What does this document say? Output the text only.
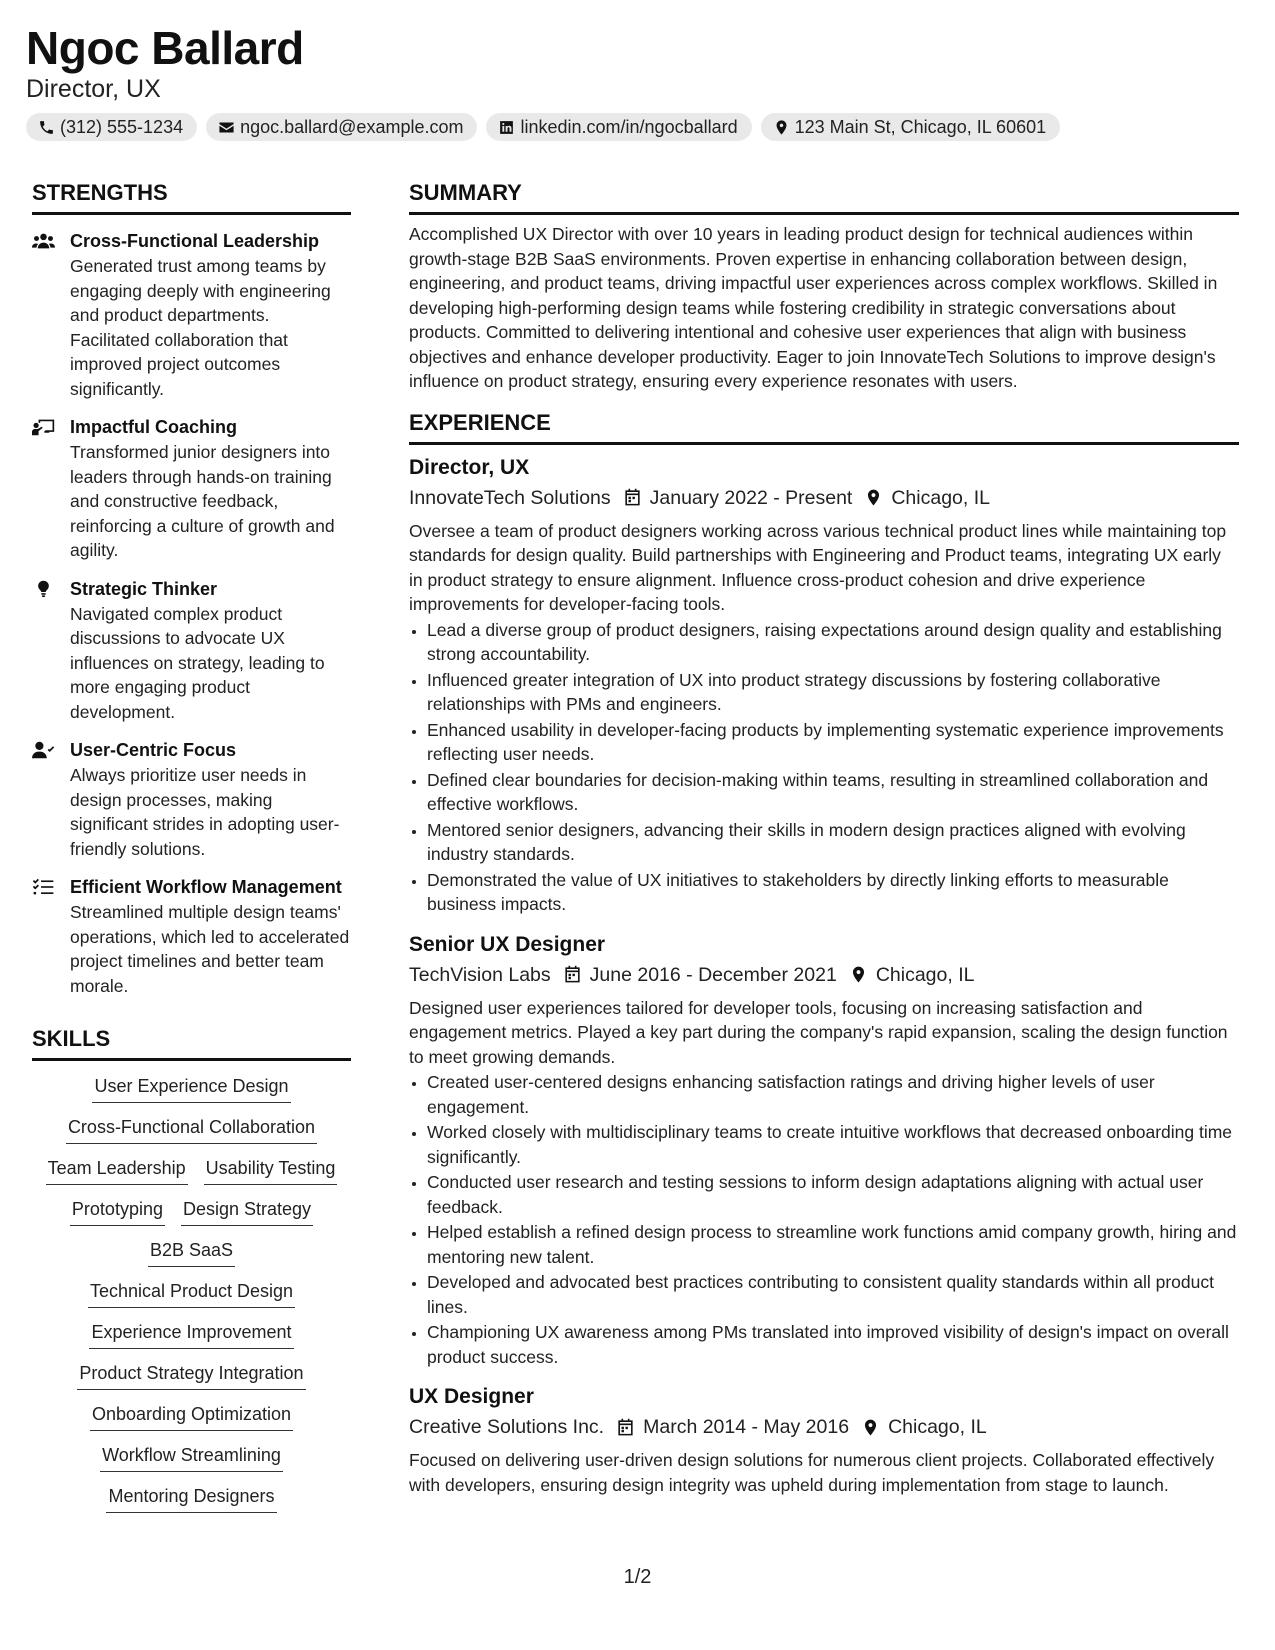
Ngoc Ballard
Director, UX
(312) 555-1234	ngoc.ballard@example.com	linkedin.com/in/ngocballard	123 Main St, Chicago, IL 60601
STRENGTHS
Cross-Functional Leadership
Generated trust among teams by engaging deeply with engineering and product departments. Facilitated collaboration that improved project outcomes significantly.
Impactful Coaching
Transformed junior designers into leaders through hands-on training and constructive feedback, reinforcing a culture of growth and agility.
Strategic Thinker
Navigated complex product discussions to advocate UX influences on strategy, leading to more engaging product development.
User-Centric Focus
Always prioritize user needs in design processes, making significant strides in adopting user-friendly solutions.
Efficient Workflow Management
Streamlined multiple design teams' operations, which led to accelerated project timelines and better team morale.
SKILLS
User Experience Design
Cross-Functional Collaboration
Team Leadership Usability Testing
Prototyping Design Strategy
B2B SaaS
Technical Product Design
Experience Improvement
Product Strategy Integration
Onboarding Optimization
Workflow Streamlining
Mentoring Designers
SUMMARY
Accomplished UX Director with over 10 years in leading product design for technical audiences within growth-stage B2B SaaS environments. Proven expertise in enhancing collaboration between design, engineering, and product teams, driving impactful user experiences across complex workflows. Skilled in developing high-performing design teams while fostering credibility in strategic conversations about products. Committed to delivering intentional and cohesive user experiences that align with business objectives and enhance developer productivity. Eager to join InnovateTech Solutions to improve design's influence on product strategy, ensuring every experience resonates with users.
EXPERIENCE
Director, UX
InnovateTech Solutions January 2022 - Present Chicago, IL
Oversee a team of product designers working across various technical product lines while maintaining top standards for design quality. Build partnerships with Engineering and Product teams, integrating UX early in product strategy to ensure alignment. Influence cross-product cohesion and drive experience improvements for developer-facing tools.
• Lead a diverse group of product designers, raising expectations around design quality and establishing strong accountability.
• Influenced greater integration of UX into product strategy discussions by fostering collaborative relationships with PMs and engineers.
• Enhanced usability in developer-facing products by implementing systematic experience improvements reflecting user needs.
• Defined clear boundaries for decision-making within teams, resulting in streamlined collaboration and effective workflows.
• Mentored senior designers, advancing their skills in modern design practices aligned with evolving industry standards.
• Demonstrated the value of UX initiatives to stakeholders by directly linking efforts to measurable business impacts.
Senior UX Designer
TechVision Labs June 2016 - December 2021 Chicago, IL
Designed user experiences tailored for developer tools, focusing on increasing satisfaction and engagement metrics. Played a key part during the company's rapid expansion, scaling the design function to meet growing demands.
• Created user-centered designs enhancing satisfaction ratings and driving higher levels of user engagement.
• Worked closely with multidisciplinary teams to create intuitive workflows that decreased onboarding time significantly.
• Conducted user research and testing sessions to inform design adaptations aligning with actual user feedback.
• Helped establish a refined design process to streamline work functions amid company growth, hiring and mentoring new talent.
• Developed and advocated best practices contributing to consistent quality standards within all product lines.
• Championing UX awareness among PMs translated into improved visibility of design's impact on overall product success.
UX Designer
Creative Solutions Inc. March 2014 - May 2016 Chicago, IL
Focused on delivering user-driven design solutions for numerous client projects. Collaborated effectively with developers, ensuring design integrity was upheld during implementation from stage to launch.
1/2
